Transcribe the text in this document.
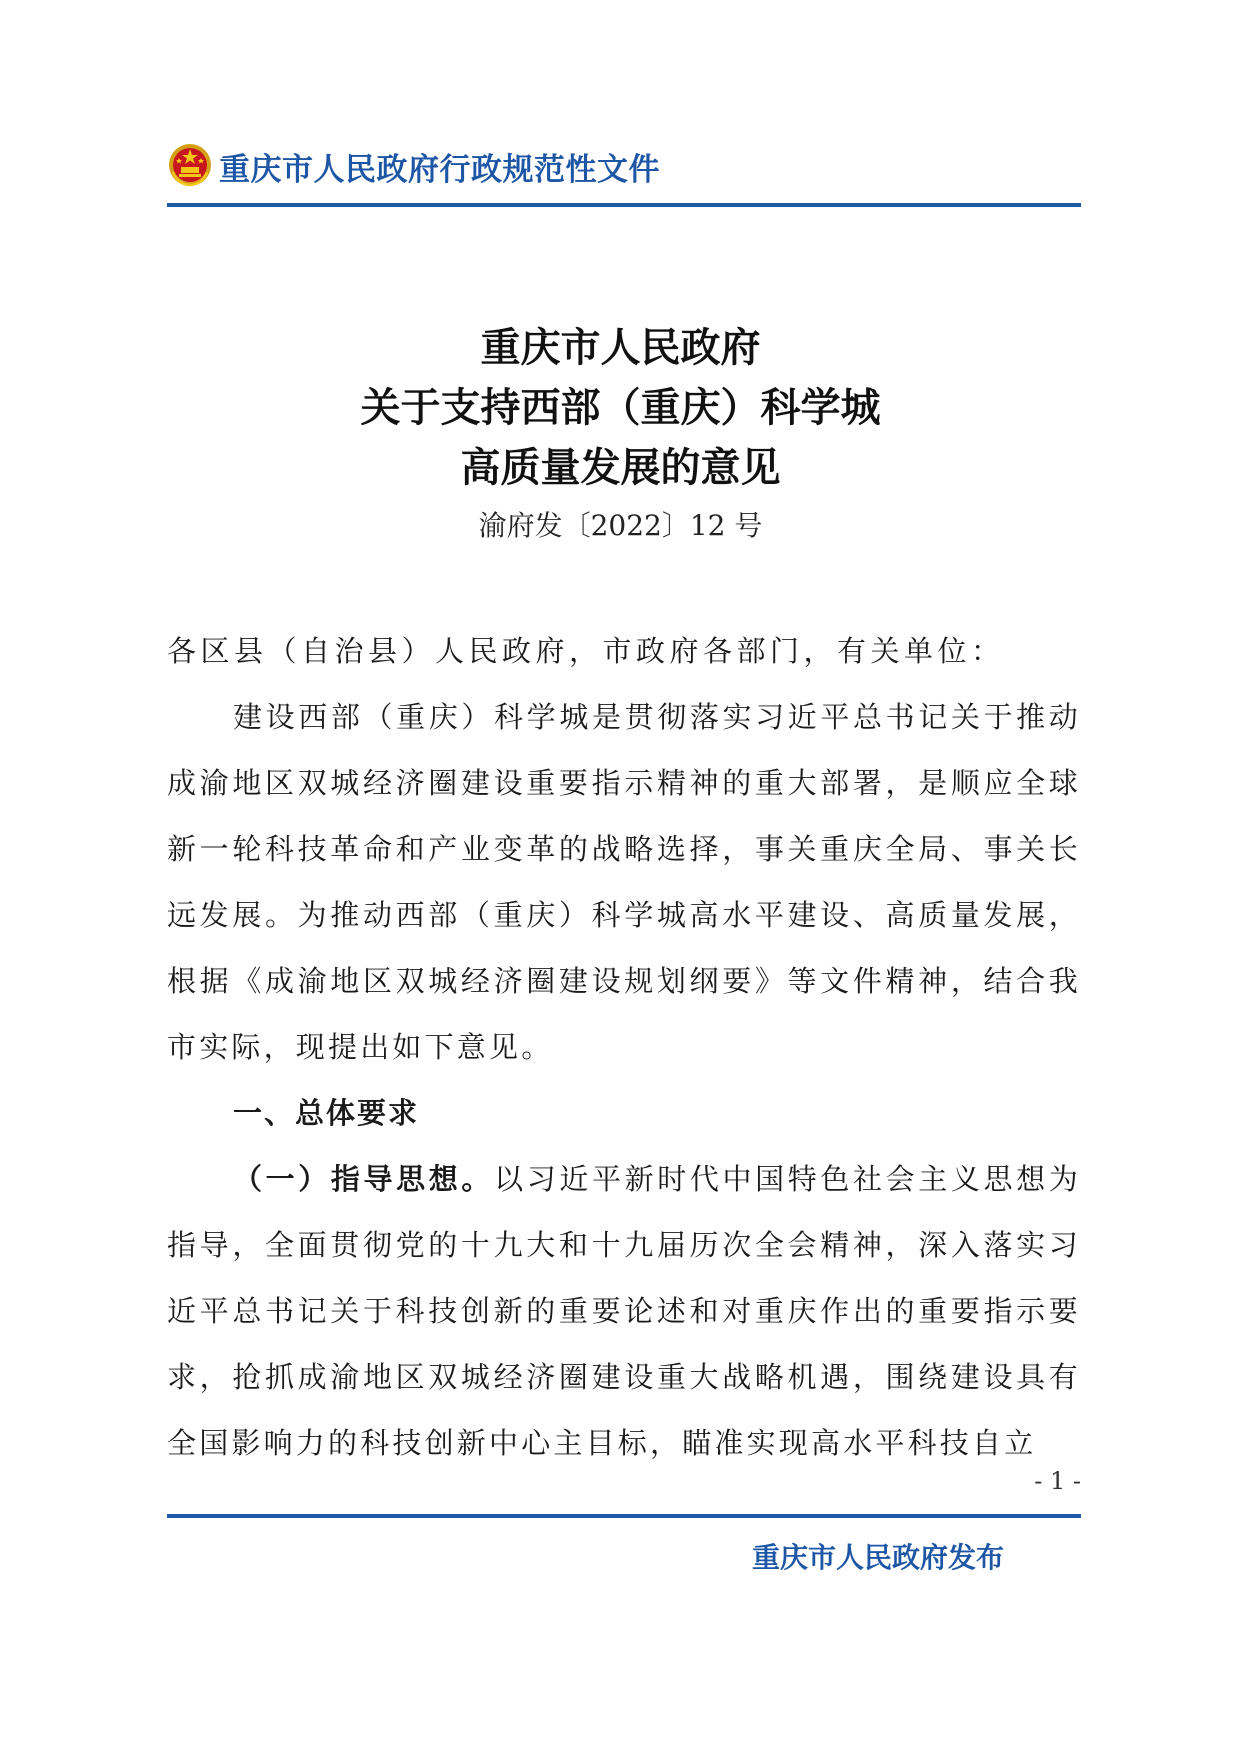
重庆市人民政府行政规范性文件
重庆市人民政府
关于支持西部（重庆）科学城
高质量发展的意见
渝府发〔2022〕12 号

各区县（自治县）人民政府，市政府各部门，有关单位：

建设西部（重庆）科学城是贯彻落实习近平总书记关于推动成渝地区双城经济圈建设重要指示精神的重大部署，是顺应全球新一轮科技革命和产业变革的战略选择，事关重庆全局、事关长远发展。为推动西部（重庆）科学城高水平建设、高质量发展，根据《成渝地区双城经济圈建设规划纲要》等文件精神，结合我市实际，现提出如下意见。

一、总体要求

（一）指导思想。以习近平新时代中国特色社会主义思想为指导，全面贯彻党的十九大和十九届历次全会精神，深入落实习近平总书记关于科技创新的重要论述和对重庆作出的重要指示要求，抢抓成渝地区双城经济圈建设重大战略机遇，围绕建设具有全国影响力的科技创新中心主目标，瞄准实现高水平科技自立

- 1 -
重庆市人民政府发布
